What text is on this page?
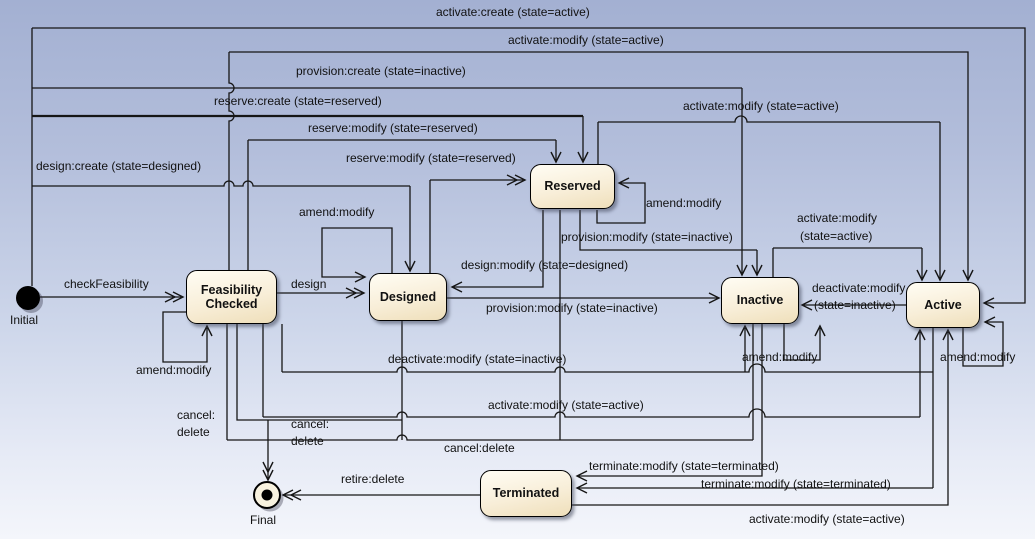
Feasibility Checked
Designed
Reserved
Inactive	Active
Terminated
Initial
Final
activate:create (state=active)
activate:modify (state=active)
provision:create (state=inactive)
reserve:create (state=reserved)	activate:modify (state=active)
reserve:modify (state=reserved)
reserve:modify (state=reserved)
design:create (state=designed)
amend:modify
amend:modify
provision:modify (state=inactive)
activate:modify
(state=active)
checkFeasibility	design
design:modify (state=designed)
provision:modify (state=inactive)
deactivate:modify
(state=inactive)
amend:modify
deactivate:modify (state=inactive)	amend:modify	amend:modify
activate:modify (state=active)
cancel:
delete
cancel:
delete	cancel:delete
retire:delete
terminate:modify (state=terminated)
terminate:modify (state=terminated)
activate:modify (state=active)
